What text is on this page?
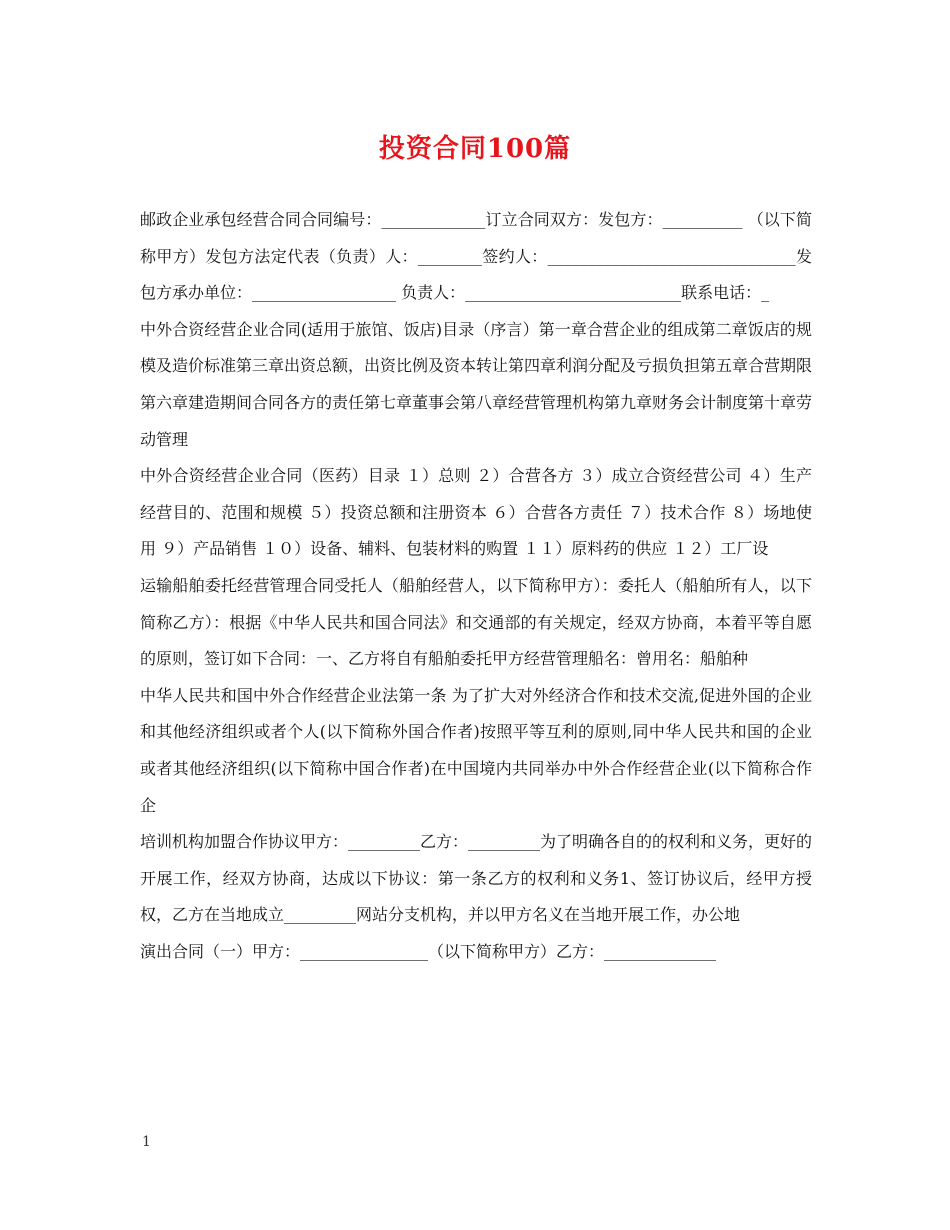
投资合同100篇

邮政企业承包经营合同合同编号：_____________订立合同双方：发包方：__________ （以下简称甲方）发包方法定代表（负责）人：________签约人：_______________________________发包方承办单位：__________________ 负责人：___________________________联系电话：_

中外合资经营企业合同(适用于旅馆、饭店)目录（序言）第一章合营企业的组成第二章饭店的规模及造价标准第三章出资总额，出资比例及资本转让第四章利润分配及亏损负担第五章合营期限第六章建造期间合同各方的责任第七章董事会第八章经营管理机构第九章财务会计制度第十章劳动管理

中外合资经营企业合同（医药）目录 １）总则 ２）合营各方 ３）成立合资经营公司 ４）生产经营目的、范围和规模 ５）投资总额和注册资本 ６）合营各方责任 ７）技术合作 ８）场地使用 ９）产品销售 １０）设备、辅料、包装材料的购置 １１）原料药的供应 １２）工厂设

运输船舶委托经营管理合同受托人（船舶经营人，以下简称甲方）：委托人（船舶所有人，以下简称乙方）：根据《中华人民共和国合同法》和交通部的有关规定，经双方协商，本着平等自愿的原则，签订如下合同：一、乙方将自有船舶委托甲方经营管理船名：曾用名：船舶种

中华人民共和国中外合作经营企业法第一条 为了扩大对外经济合作和技术交流,促进外国的企业和其他经济组织或者个人(以下简称外国合作者)按照平等互利的原则,同中华人民共和国的企业或者其他经济组织(以下简称中国合作者)在中国境内共同举办中外合作经营企业(以下简称合作企

培训机构加盟合作协议甲方：_________乙方：_________为了明确各自的的权利和义务，更好的开展工作，经双方协商，达成以下协议：第一条乙方的权利和义务1、签订协议后，经甲方授权，乙方在当地成立_________网站分支机构，并以甲方名义在当地开展工作，办公地

演出合同（一）甲方：________________（以下简称甲方）乙方：______________

1
